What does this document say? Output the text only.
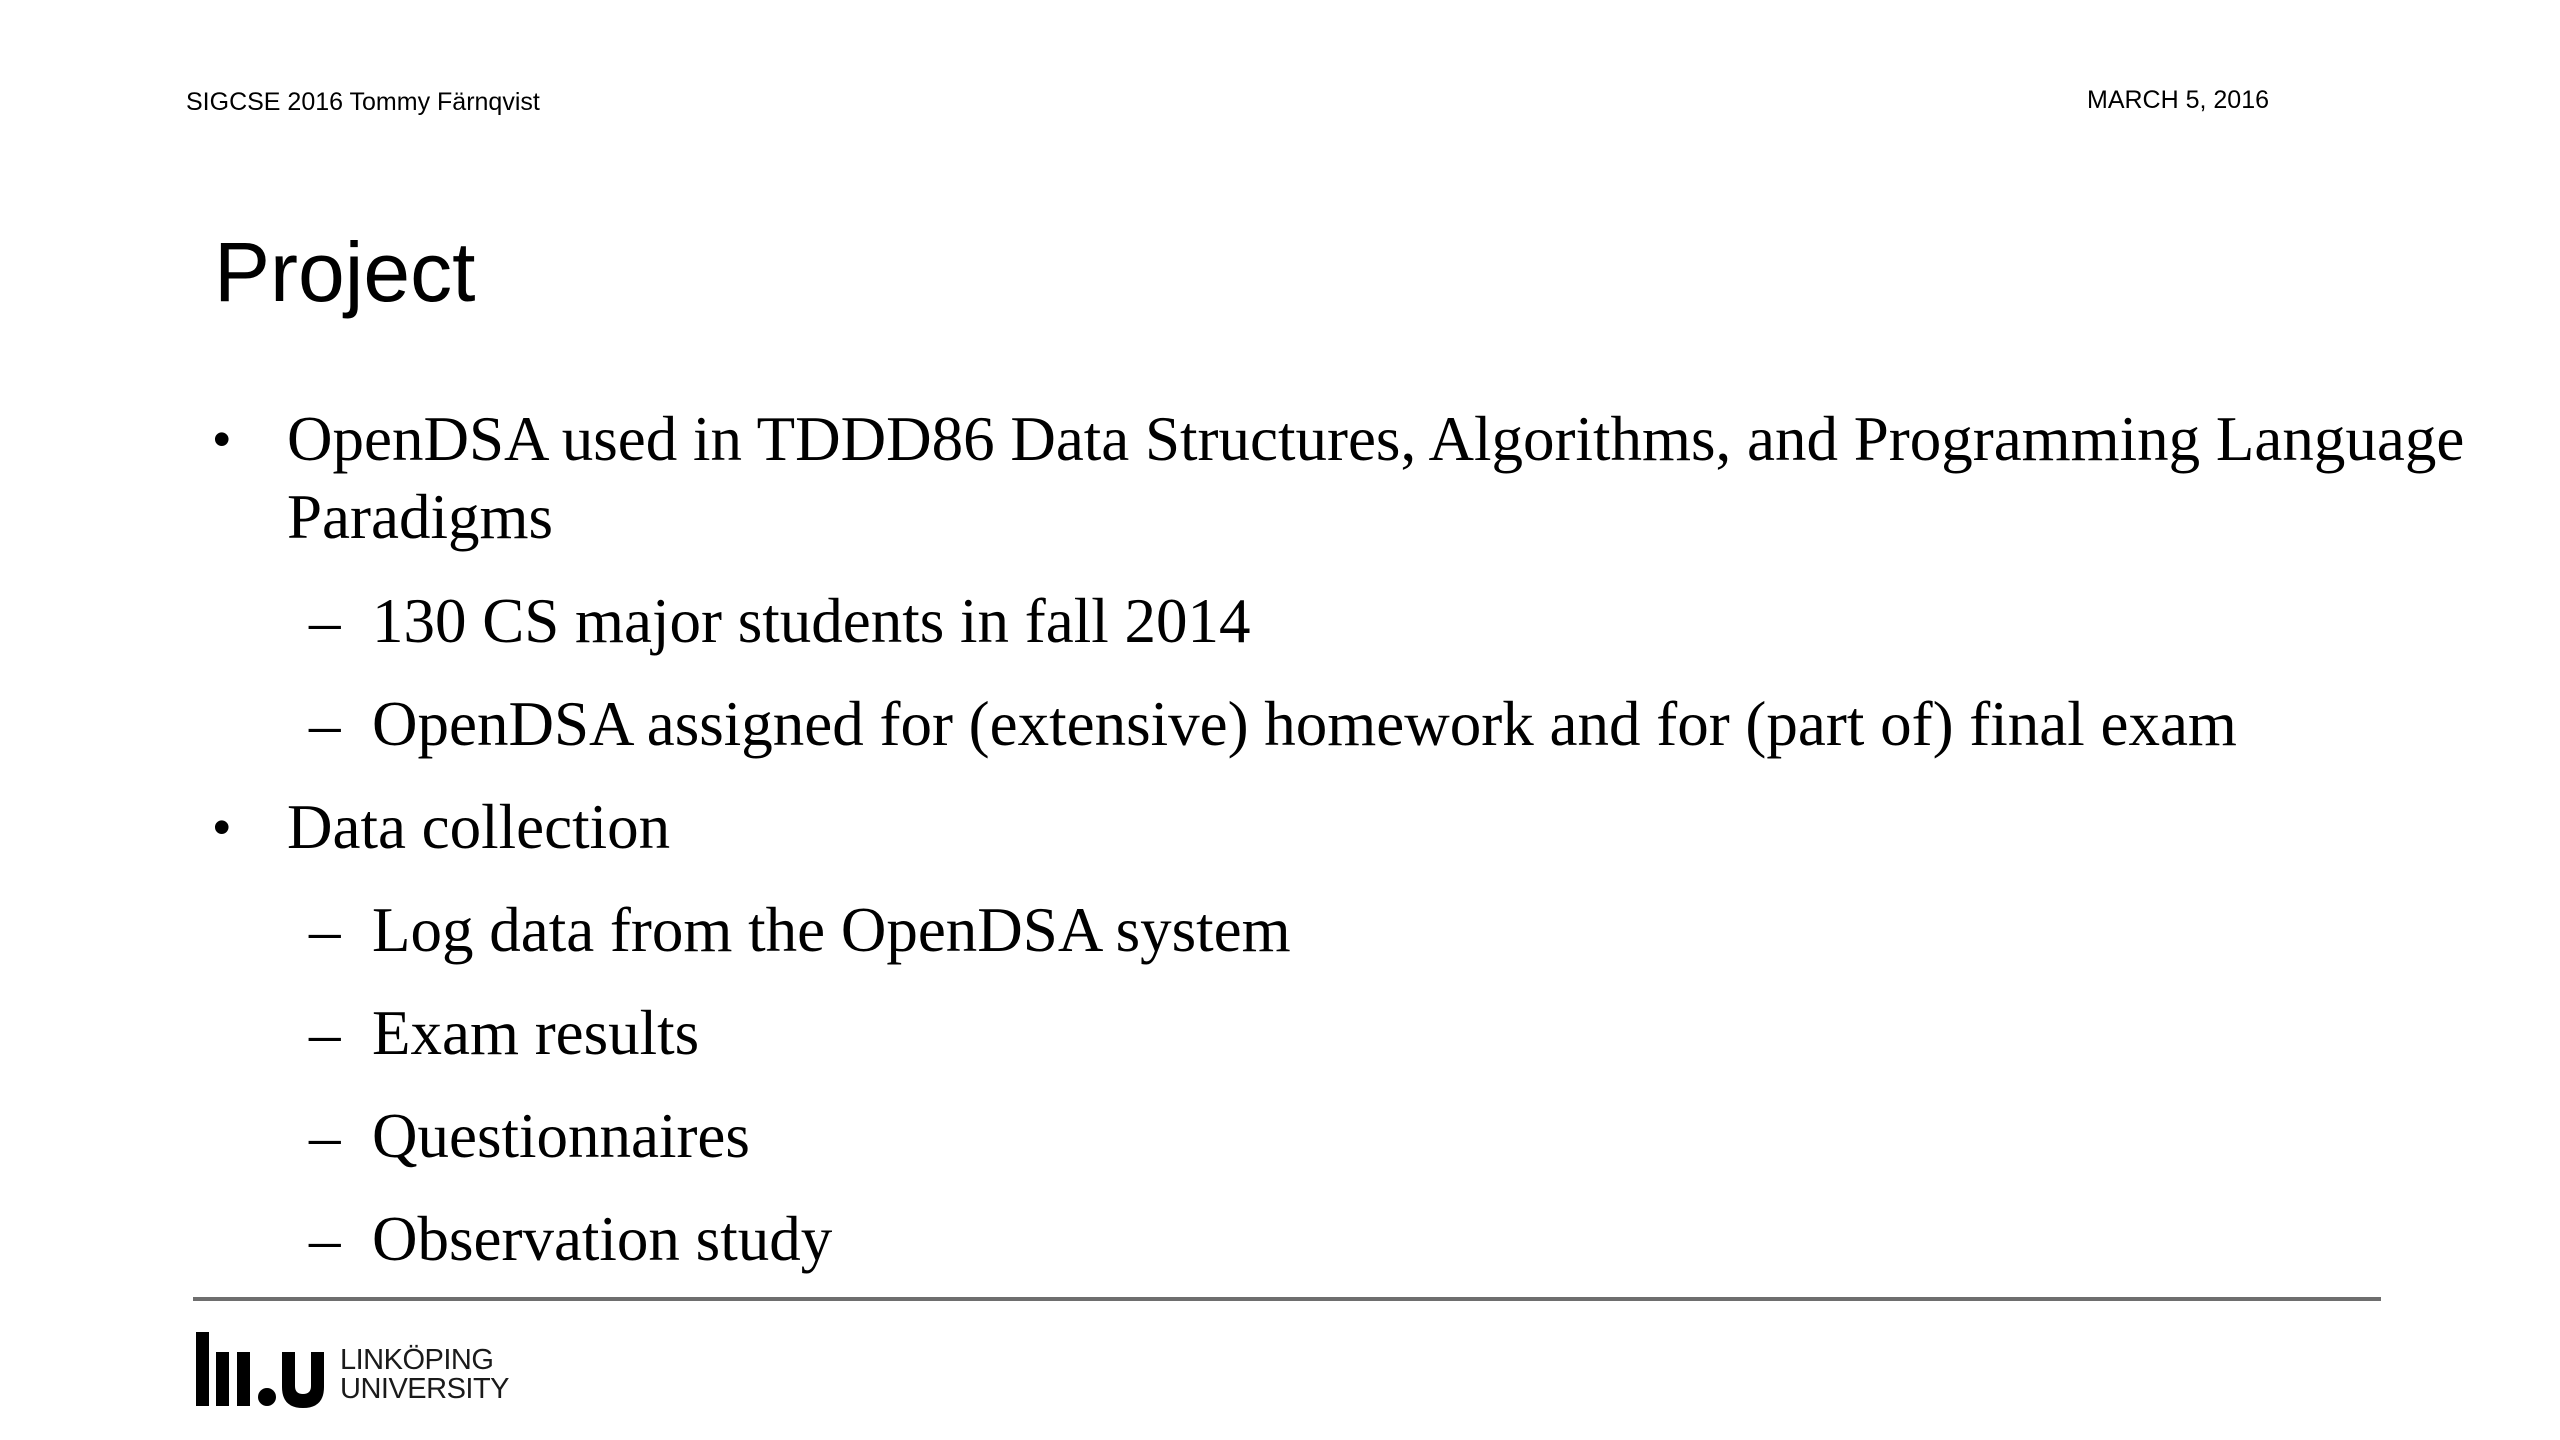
SIGCSE 2016 Tommy Färnqvist	MARCH 5, 2016
Project
• OpenDSA used in TDDD86 Data Structures, Algorithms, and Programming Language Paradigms
– 130 CS major students in fall 2014
– OpenDSA assigned for (extensive) homework and for (part of) final exam
• Data collection
– Log data from the OpenDSA system
– Exam results
– Questionnaires
– Observation study
LINKÖPING
UNIVERSITY
